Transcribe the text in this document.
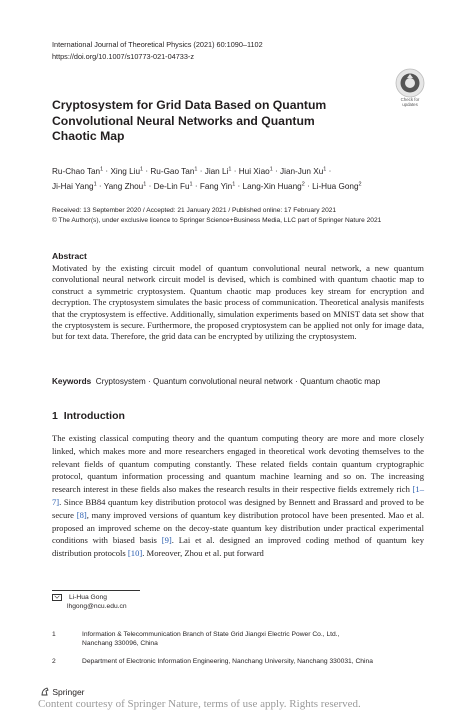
International Journal of Theoretical Physics (2021) 60:1090–1102
https://doi.org/10.1007/s10773-021-04733-z
Check for
updates
Cryptosystem for Grid Data Based on Quantum Convolutional Neural Networks and Quantum Chaotic Map
Ru-Chao Tan$^1$ · Xing Liu$^1$ · Ru-Gao Tan$^1$ · Jian $Li^1$ · Hui Xiao$^1$ · Jian-Jun $Xu^1$ ·
Ji-Hai Yang$^1$ · Yang Zhou$^1$ · De-Lin $Fu^1$ · Fang Yin$^1$ · Lang-Xin Huang$^2$ · Li-Hua Gong$^2$
Received: 13 September 2020 / Accepted: 21 January 2021 / Published online: 17 February 2021
© The Author(s), under exclusive licence to Springer Science+Business Media, LLC part of Springer Nature 2021
Abstract
Motivated by the existing circuit model of quantum convolutional neural network, a new quantum convolutional neural network circuit model is devised, which is combined with quantum chaotic map to construct a symmetric cryptosystem. Quantum chaotic map produces key stream for encryption and decryption. The cryptosystem simulates the basic process of communication. Theoretical analysis manifests that the cryptosystem is effective. Additionally, simulation experiments based on MNIST data set show that the cryptosystem is secure. Furthermore, the proposed cryptosystem can be applied not only for image data, but for text data. Therefore, the grid data can be encrypted by utilizing the cryptosystem.
Keywords Cryptosystem · Quantum convolutional neural network · Quantum chaotic map
1 Introduction
The existing classical computing theory and the quantum computing theory are more and more closely linked, which makes more and more researchers engaged in theoretical work devoting themselves to the relevant fields of quantum computing constantly. These related fields contain quantum cryptographic protocol, quantum information processing and quantum machine learning and so on. The increasing research interest in these fields also makes the research results in their respective fields extremely rich [1–7]. Since BB84 quantum key distribution protocol was designed by Bennett and Brassard and proved to be secure [8], many improved versions of quantum key distribution protocol have been presented. Mao et al. proposed an improved scheme on the decoy-state quantum key distribution under practical experimental conditions with biased basis [9]. Lai et al. designed an improved coding method of quantum key distribution protocols [10]. Moreover, Zhou et al. put forward
Li-Hua Gong
lhgong@ncu.edu.cn
1	Information & Telecommunication Branch of State Grid Jiangxi Electric Power Co., Ltd.,
Nanchang 330096, China
2	Department of Electronic Information Engineering, Nanchang University, Nanchang 330031, China
Springer
Content courtesy of Springer Nature, terms of use apply. Rights reserved.
